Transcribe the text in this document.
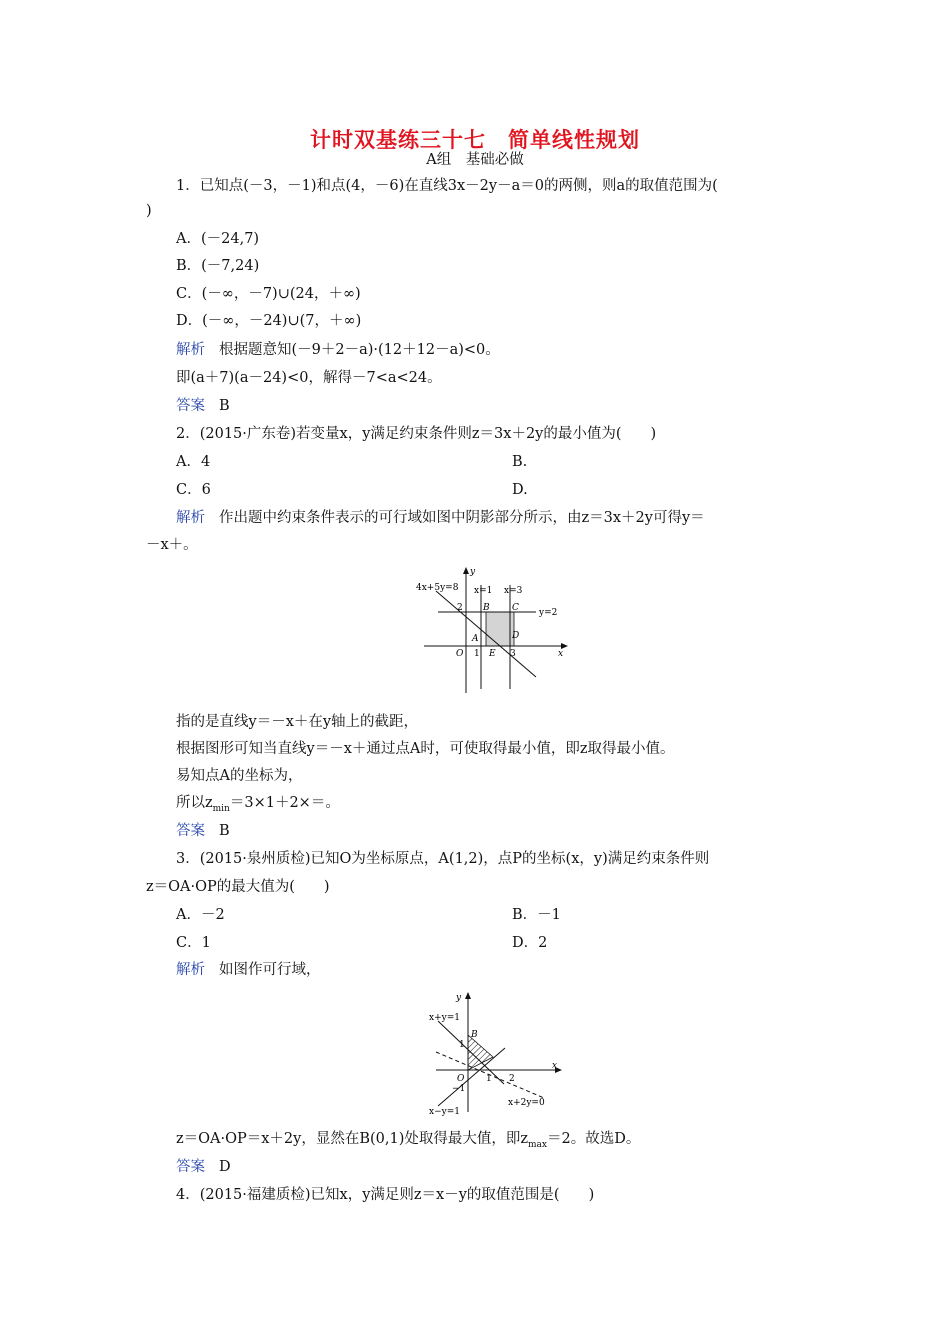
计时双基练三十七　简单线性规划
A组　基础必做
1．已知点(－3，－1)和点(4，－6)在直线3x－2y－a＝0的两侧，则a的取值范围为(
)
A．(－24,7)
B．(－7,24)
C．(－∞，－7)∪(24，＋∞)
D．(－∞，－24)∪(7，＋∞)
解析 根据题意知(－9＋2－a)·(12＋12－a)<0。
即(a＋7)(a－24)<0，解得－7<a<24。
答案 B
2．(2015·广东卷)若变量x，y满足约束条件则z＝3x＋2y的最小值为(　　)
A．4	B.
C．6	D.
解析 作出题中约束条件表示的可行域如图中阴影部分所示，由z＝3x＋2y可得y＝
－x＋。
4x+5y=8 x=1 x=3
y=2
y
x
O
2
1	3
A
B C
D
E
指的是直线y＝－x＋在y轴上的截距，
根据图形可知当直线y＝－x＋通过点A时，可使取得最小值，即z取得最小值。
易知点A的坐标为，
所以$z_{min}=3\times 1+2\times=$。
答案 B
3．(2015·泉州质检)已知O为坐标原点，A(1,2)，点P的坐标(x，y)满足约束条件则
z＝OA·OP的最大值为(　　)
A．－2	B．－1
C．1	D．2
解析 如图作可行域，
x+y=1
x+2y=0
x−y=1
y
x
O
1
−1
1 2
B
z＝OA·OP＝x＋2y，显然在B(0,1)处取得最大值，即$z_{max}=2$。故选D。
答案 D
4．(2015·福建质检)已知x，y满足则z＝x－y的取值范围是(　　)
